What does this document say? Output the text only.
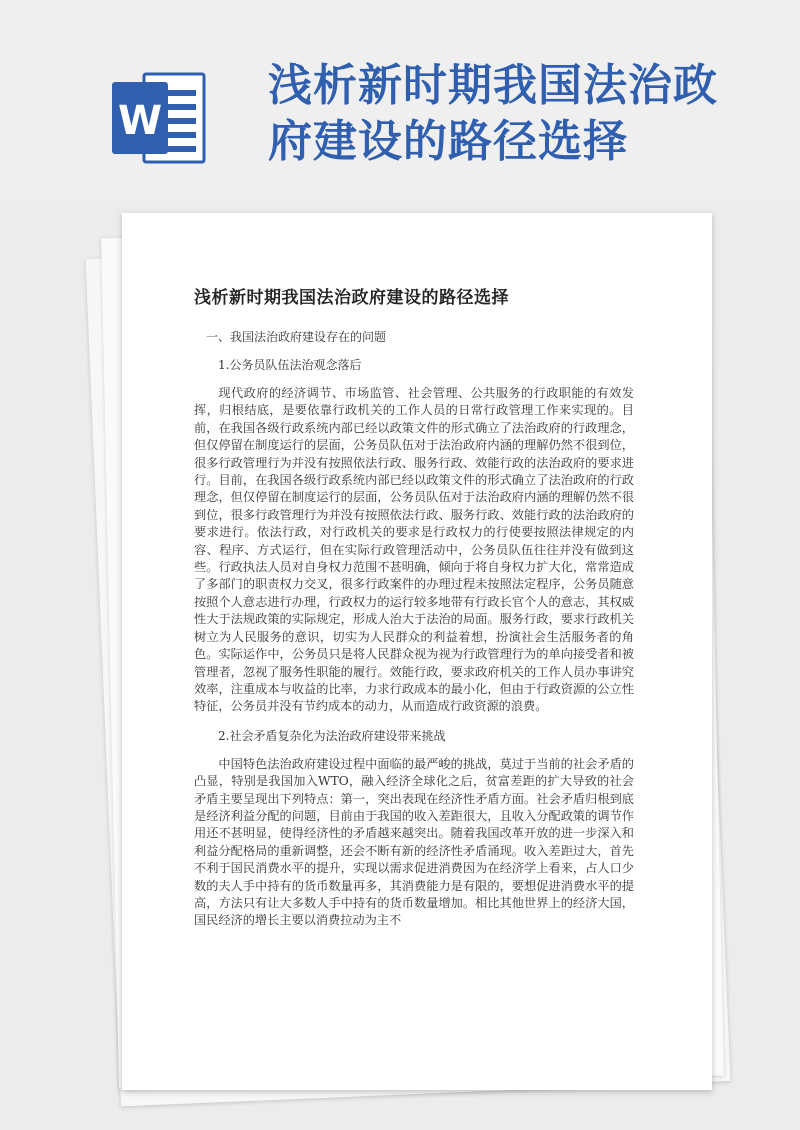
W
浅析新时期我国法治政府建设的路径选择
浅析新时期我国法治政府建设的路径选择
一、我国法治政府建设存在的问题
1.公务员队伍法治观念落后

现代政府的经济调节、市场监管、社会管理、公共服务的行政职能的有效发挥，归根结底，是要依靠行政机关的工作人员的日常行政管理工作来实现的。目前，在我国各级行政系统内部已经以政策文件的形式确立了法治政府的行政理念，但仅停留在制度运行的层面，公务员队伍对于法治政府内涵的理解仍然不很到位，很多行政管理行为并没有按照依法行政、服务行政、效能行政的法治政府的要求进行。目前，在我国各级行政系统内部已经以政策文件的形式确立了法治政府的行政理念，但仅停留在制度运行的层面，公务员队伍对于法治政府内涵的理解仍然不很到位，很多行政管理行为并没有按照依法行政、服务行政、效能行政的法治政府的要求进行。依法行政，对行政机关的要求是行政权力的行使要按照法律规定的内容、程序、方式运行，但在实际行政管理活动中，公务员队伍往往并没有做到这些。行政执法人员对自身权力范围不甚明确，倾向于将自身权力扩大化，常常造成了多部门的职责权力交叉，很多行政案件的办理过程未按照法定程序，公务员随意按照个人意志进行办理，行政权力的运行较多地带有行政长官个人的意志，其权威性大于法规政策的实际规定，形成人治大于法治的局面。服务行政，要求行政机关树立为人民服务的意识，切实为人民群众的利益着想，扮演社会生活服务者的角色。实际运作中，公务员只是将人民群众视为视为行政管理行为的单向接受者和被管理者，忽视了服务性职能的履行。效能行政，要求政府机关的工作人员办事讲究效率，注重成本与收益的比率，力求行政成本的最小化，但由于行政资源的公立性特征，公务员并没有节约成本的动力，从而造成行政资源的浪费。

2.社会矛盾复杂化为法治政府建设带来挑战

中国特色法治政府建设过程中面临的最严峻的挑战，莫过于当前的社会矛盾的凸显，特别是我国加入WTO，融入经济全球化之后，贫富差距的扩大导致的社会矛盾主要呈现出下列特点：第一，突出表现在经济性矛盾方面。社会矛盾归根到底是经济利益分配的问题，目前由于我国的收入差距很大，且收入分配政策的调节作用还不甚明显，使得经济性的矛盾越来越突出。随着我国改革开放的进一步深入和利益分配格局的重新调整，还会不断有新的经济性矛盾涌现。收入差距过大，首先不利于国民消费水平的提升，实现以需求促进消费因为在经济学上看来，占人口少数的夫人手中持有的货币数量再多，其消费能力是有限的，要想促进消费水平的提高，方法只有让大多数人手中持有的货币数量增加。相比其他世界上的经济大国，国民经济的增长主要以消费拉动为主不
